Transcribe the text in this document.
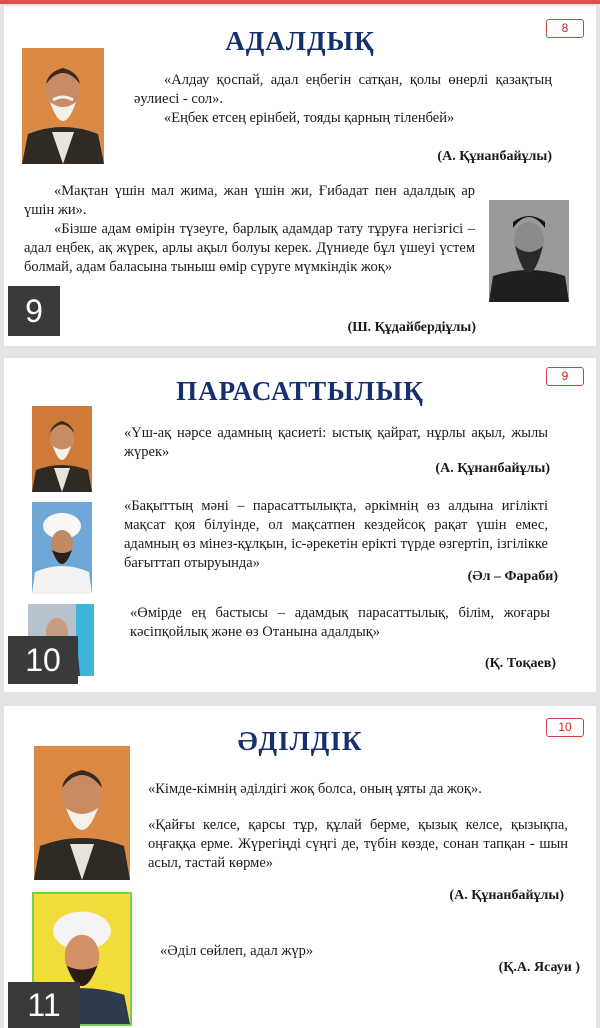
АДАЛДЫҚ	8

«Алдау қоспай, адал еңбегін сатқан, қолы өнерлі қазақтың әулиесі - сол».

«Еңбек етсең ерінбей, тояды қарның тіленбей»

(А. Құнанбайұлы)

«Мақтан үшін мал жима, жан үшін жи, Ғибадат пен адалдық ар үшін жи».

«Бізше адам өмірін түзеуге, барлық адамдар тату тұруға негізгісі – адал еңбек, ақ жүрек, арлы ақыл болуы керек. Дүниеде бұл үшеуі үстем болмай, адам баласына тыныш өмір сүруге мүмкіндік жоқ»

9	(Ш. Құдайбердіұлы)
ПАРАСАТТЫЛЫҚ	9
«Үш-ақ нәрсе адамның қасиеті: ыстық қайрат, нұрлы ақыл, жылы жүрек»
(А. Құнанбайұлы)
«Бақыттың мәні – парасаттылықта, әркімнің өз алдына игілікті мақсат қоя білуінде, ол мақсатпен кездейсоқ рақат үшін емес, адамның өз мінез-құлқын, іс-әрекетін ерікті түрде өзгертіп, ізгілікке бағыттап отыруында»
(Әл – Фараби)
«Өмірде ең бастысы – адамдық парасаттылық, білім, жоғары кәсіпқойлық және өз Отанына адалдық»
(Қ. Тоқаев)
10
ӘДІЛДІК	10
«Кімде-кімнің әділдігі жоқ болса, оның ұяты да жоқ».
«Қайғы келсе, қарсы тұр, құлай берме, қызық келсе, қызықпа, оңғаққа ерме. Жүрегіңді сүңгі де, түбін көзде, сонан тапқан - шын асыл, тастай көрме»
(А. Құнанбайұлы)
«Әділ сөйлеп, адал жүр»
(Қ.А. Ясауи )
11
